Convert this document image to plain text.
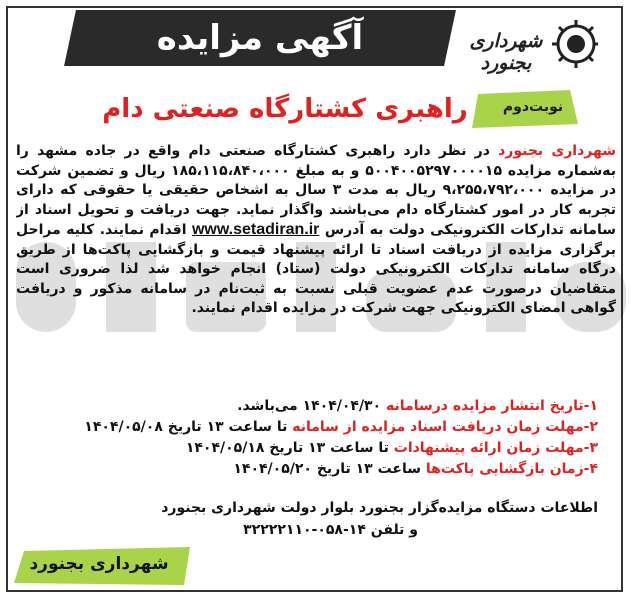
آگهی مزایده	شهرداری بجنورد
نوبت‌دوم
راهبری کشتارگاه صنعتی دام
شهرداری بجنورد در نظر دارد راهبری کشتارگاه صنعتی دام واقع در جاده مشهد را به‌شماره مزایده ۵۰۰۴۰۰۵۲۹۷۰۰۰۰۱۵ و به مبلغ ۱۸۵،۱۱۵،۸۴۰،۰۰۰ ریال و تضمین شرکت در مزایده ۹،۲۵۵،۷۹۲،۰۰۰ ریال به مدت ۳ سال به اشخاص حقیقی یا حقوقی که دارای تجربه کار در امور کشتارگاه دام می‌باشند واگذار نماید. جهت دریافت و تحویل اسناد از سامانه تدارکات الکترونیکی دولت به آدرس www.setadiran.ir اقدام نمایند. کلیه مراحل برگزاری مزایده از دریافت اسناد تا ارائه پیشنهاد قیمت و بازگشایی پاکت‌ها از طریق درگاه سامانه تدارکات الکترونیکی دولت (ستاد) انجام خواهد شد لذا ضروری است متقاضیان درصورت عدم عضویت قبلی نسبت به ثبت‌نام در سامانه مذکور و دریافت گواهی امضای الکترونیکی جهت شرکت در مزایده اقدام نمایند.
۱-تاریخ انتشار مزایده درسامانه ۱۴۰۴/۰۴/۳۰ می‌باشد.
۲-مهلت زمان دریافت اسناد مزایده از سامانه تا ساعت ۱۳ تاریخ ۱۴۰۴/۰۵/۰۸
۳-مهلت زمان ارائه پیشنهادات تا ساعت ۱۳ تاریخ ۱۴۰۴/۰۵/۱۸
۴-زمان بازگشایی پاکت‌ها ساعت ۱۳ تاریخ ۱۴۰۴/۰۵/۲۰
اطلاعات دستگاه مزایده‌گزار بجنورد بلوار دولت شهرداری بجنورد
و تلفن ۱۴-۰۵۸-۳۲۲۲۲۱۱۰
شهرداری بجنورد
